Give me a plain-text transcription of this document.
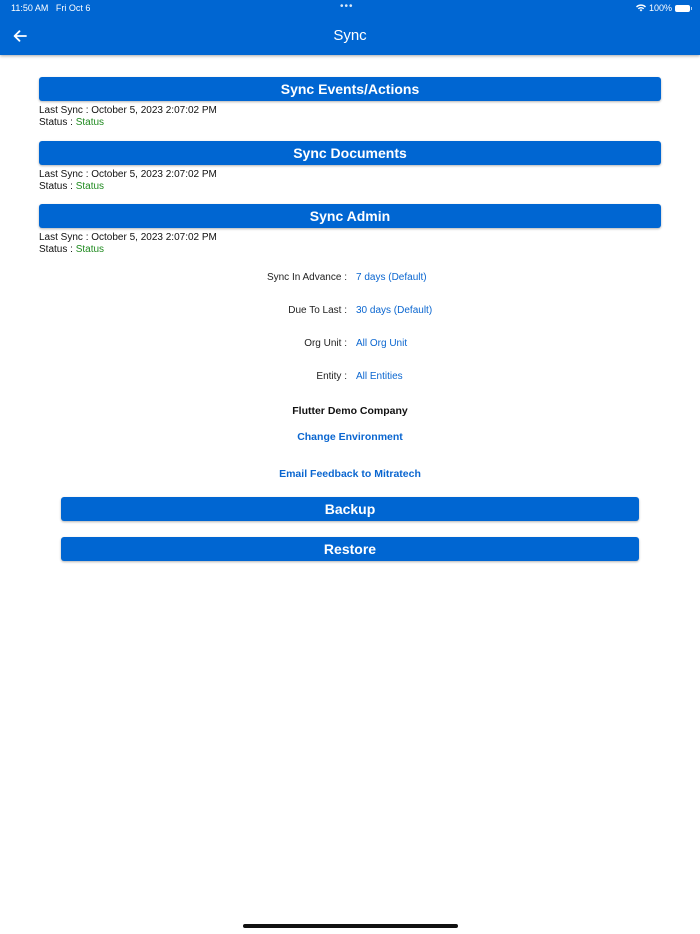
11:50 AM Fri Oct 6	•••	100%
Sync
Sync Events/Actions
Last Sync : October 5, 2023 2:07:02 PM
Status : Status
Sync Documents
Last Sync : October 5, 2023 2:07:02 PM
Status : Status
Sync Admin
Last Sync : October 5, 2023 2:07:02 PM
Status : Status
Sync In Advance : 7 days (Default)
Due To Last : 30 days (Default)
Org Unit : All Org Unit
Entity : All Entities
Flutter Demo Company
Change Environment
Email Feedback to Mitratech
Backup
Restore
